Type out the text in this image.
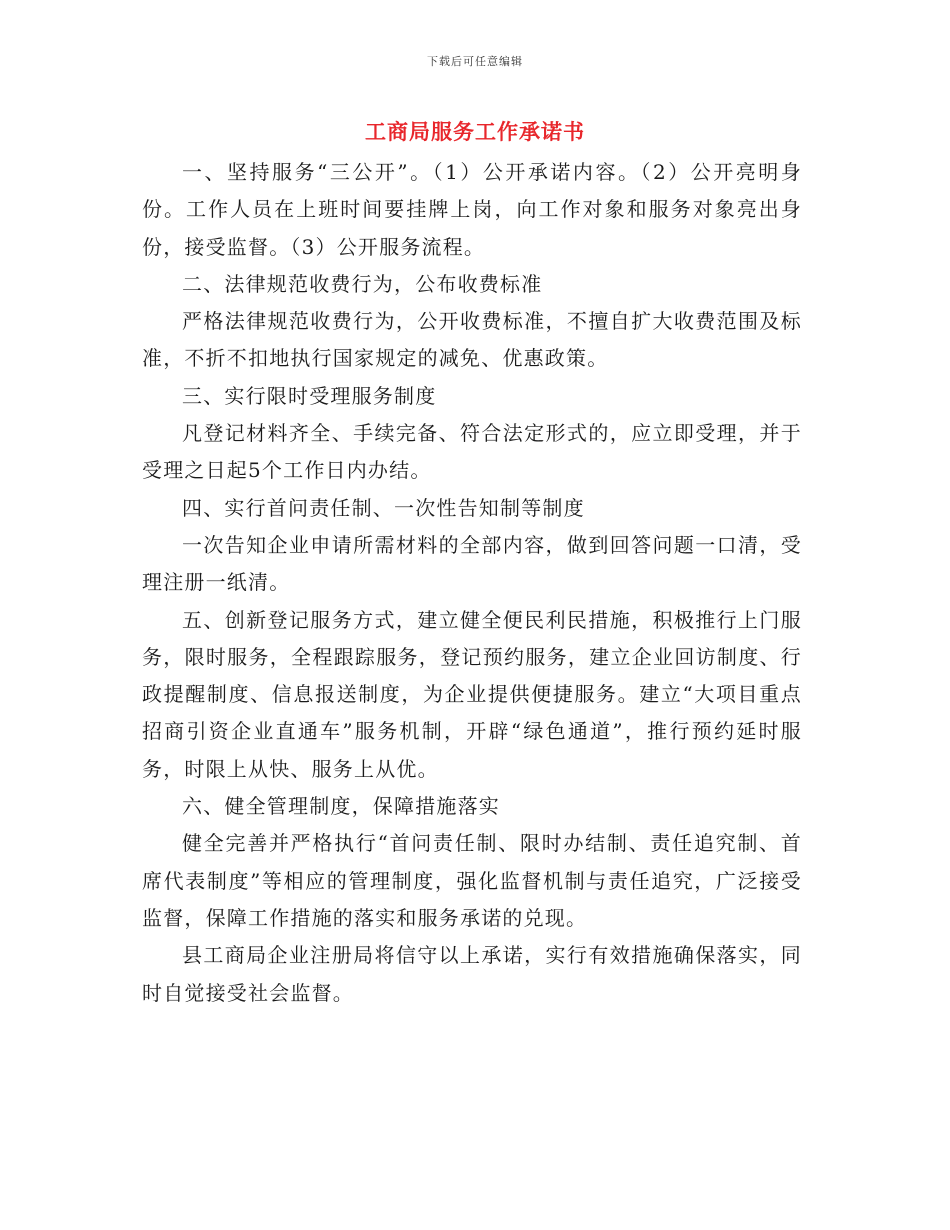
下载后可任意编辑
工商局服务工作承诺书

一、坚持服务“三公开”。（1）公开承诺内容。（2）公开亮明身份。工作人员在上班时间要挂牌上岗，向工作对象和服务对象亮出身份，接受监督。（3）公开服务流程。

二、法律规范收费行为，公布收费标准

严格法律规范收费行为，公开收费标准，不擅自扩大收费范围及标准，不折不扣地执行国家规定的减免、优惠政策。

三、实行限时受理服务制度

凡登记材料齐全、手续完备、符合法定形式的，应立即受理，并于受理之日起5个工作日内办结。

四、实行首问责任制、一次性告知制等制度

一次告知企业申请所需材料的全部内容，做到回答问题一口清，受理注册一纸清。

五、创新登记服务方式，建立健全便民利民措施，积极推行上门服务，限时服务，全程跟踪服务，登记预约服务，建立企业回访制度、行政提醒制度、信息报送制度，为企业提供便捷服务。建立“大项目重点招商引资企业直通车”服务机制，开辟“绿色通道”，推行预约延时服务，时限上从快、服务上从优。

六、健全管理制度，保障措施落实

健全完善并严格执行“首问责任制、限时办结制、责任追究制、首席代表制度”等相应的管理制度，强化监督机制与责任追究，广泛接受监督，保障工作措施的落实和服务承诺的兑现。

县工商局企业注册局将信守以上承诺，实行有效措施确保落实，同时自觉接受社会监督。
